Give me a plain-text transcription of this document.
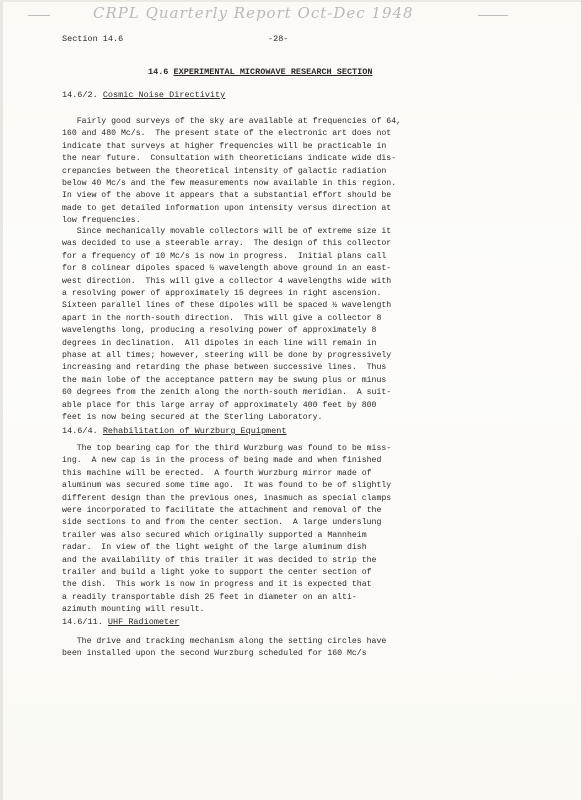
CRPL Quarterly Report Oct-Dec 1948
Section 14.6	-28-
14.6 EXPERIMENTAL MICROWAVE RESEARCH SECTION
14.6/2. Cosmic Noise Directivity
Fairly good surveys of the sky are available at frequencies of 64,
160 and 480 Mc/s.  The present state of the electronic art does not
indicate that surveys at higher frequencies will be practicable in
the near future.  Consultation with theoreticians indicate wide dis-
crepancies between the theoretical intensity of galactic radiation
below 40 Mc/s and the few measurements now available in this region.
In view of the above it appears that a substantial effort should be
made to get detailed information upon intensity versus direction at
low frequencies.
Since mechanically movable collectors will be of extreme size it
was decided to use a steerable array.  The design of this collector
for a frequency of 10 Mc/s is now in progress.  Initial plans call
for 8 colinear dipoles spaced ½ wavelength above ground in an east-
west direction.  This will give a collector 4 wavelengths wide with
a resolving power of approximately 15 degrees in right ascension.
Sixteen parallel lines of these dipoles will be spaced ½ wavelength
apart in the north-south direction.  This will give a collector 8
wavelengths long, producing a resolving power of approximately 8
degrees in declination.  All dipoles in each line will remain in
phase at all times; however, steering will be done by progressively
increasing and retarding the phase between successive lines.  Thus
the main lobe of the acceptance pattern may be swung plus or minus
60 degrees from the zenith along the north-south meridian.  A suit-
able place for this large array of approximately 400 feet by 800
feet is now being secured at the Sterling Laboratory.
14.6/4. Rehabilitation of Wurzburg Equipment
The top bearing cap for the third Wurzburg was found to be miss-
ing.  A new cap is in the process of being made and when finished
this machine will be erected.  A fourth Wurzburg mirror made of
aluminum was secured some time ago.  It was found to be of slightly
different design than the previous ones, inasmuch as special clamps
were incorporated to facilitate the attachment and removal of the
side sections to and from the center section.  A large underslung
trailer was also secured which originally supported a Mannheim
radar.  In view of the light weight of the large aluminum dish
and the availability of this trailer it was decided to strip the
trailer and build a light yoke to support the center section of
the dish.  This work is now in progress and it is expected that
a readily transportable dish 25 feet in diameter on an alti-
azimuth mounting will result.
14.6/11. UHF Radiometer
The drive and tracking mechanism along the setting circles have
been installed upon the second Wurzburg scheduled for 160 Mc/s
